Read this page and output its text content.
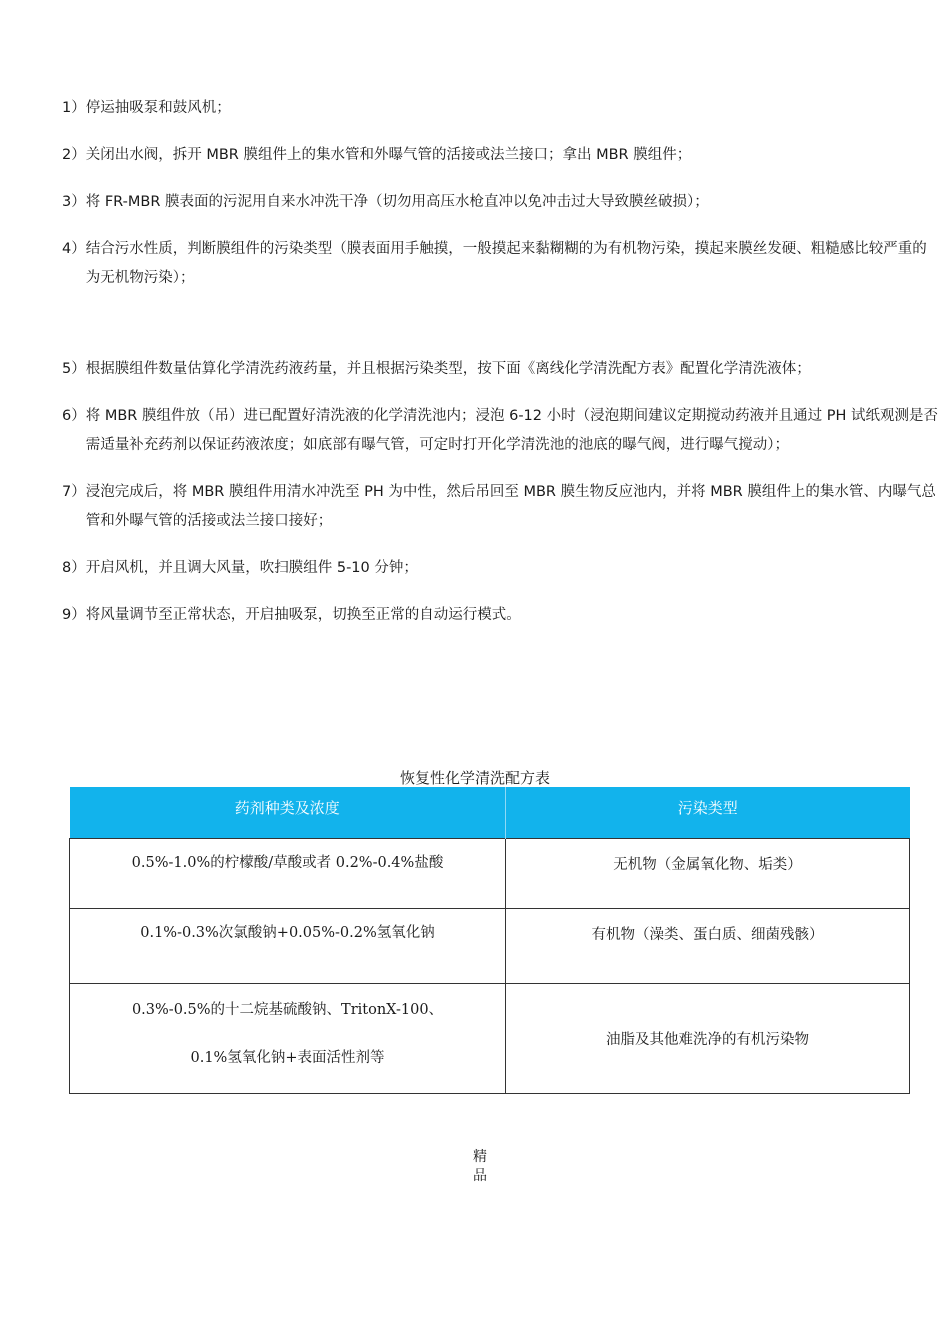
1） 停运抽吸泵和鼓风机；
2） 关闭出水阀，拆开 MBR 膜组件上的集水管和外曝气管的活接或法兰接口；拿出 MBR 膜组件；
3） 将 FR-MBR 膜表面的污泥用自来水冲洗干净（切勿用高压水枪直冲以免冲击过大导致膜丝破损）；
4） 结合污水性质，判断膜组件的污染类型（膜表面用手触摸，一般摸起来黏糊糊的为有机物污染，摸起来膜丝发硬、粗糙感比较严重的为无机物污染）；
5） 根据膜组件数量估算化学清洗药液药量，并且根据污染类型，按下面《离线化学清洗配方表》配置化学清洗液体；
6） 将 MBR 膜组件放（吊）进已配置好清洗液的化学清洗池内；浸泡 6-12 小时（浸泡期间建议定期搅动药液并且通过 PH 试纸观测是否需适量补充药剂以保证药液浓度；如底部有曝气管，可定时打开化学清洗池的池底的曝气阀，进行曝气搅动）；
7） 浸泡完成后，将 MBR 膜组件用清水冲洗至 PH 为中性，然后吊回至 MBR 膜生物反应池内，并将 MBR 膜组件上的集水管、内曝气总管和外曝气管的活接或法兰接口接好；
8） 开启风机，并且调大风量，吹扫膜组件 5-10 分钟；
9） 将风量调节至正常状态，开启抽吸泵，切换至正常的自动运行模式。
恢复性化学清洗配方表
药剂种类及浓度	污染类型

0.5%-1.0%的柠檬酸/草酸或者 0.2%-0.4%盐酸	无机物（金属氧化物、垢类）

0.1%-0.3%次氯酸钠+0.05%-0.2%氢氧化钠	有机物（澡类、蛋白质、细菌残骸）

0.3%-0.5%的十二烷基硫酸钠、TritonX-100、
0.1%氢氧化钠+表面活性剂等	油脂及其他难洗净的有机污染物
精
品
